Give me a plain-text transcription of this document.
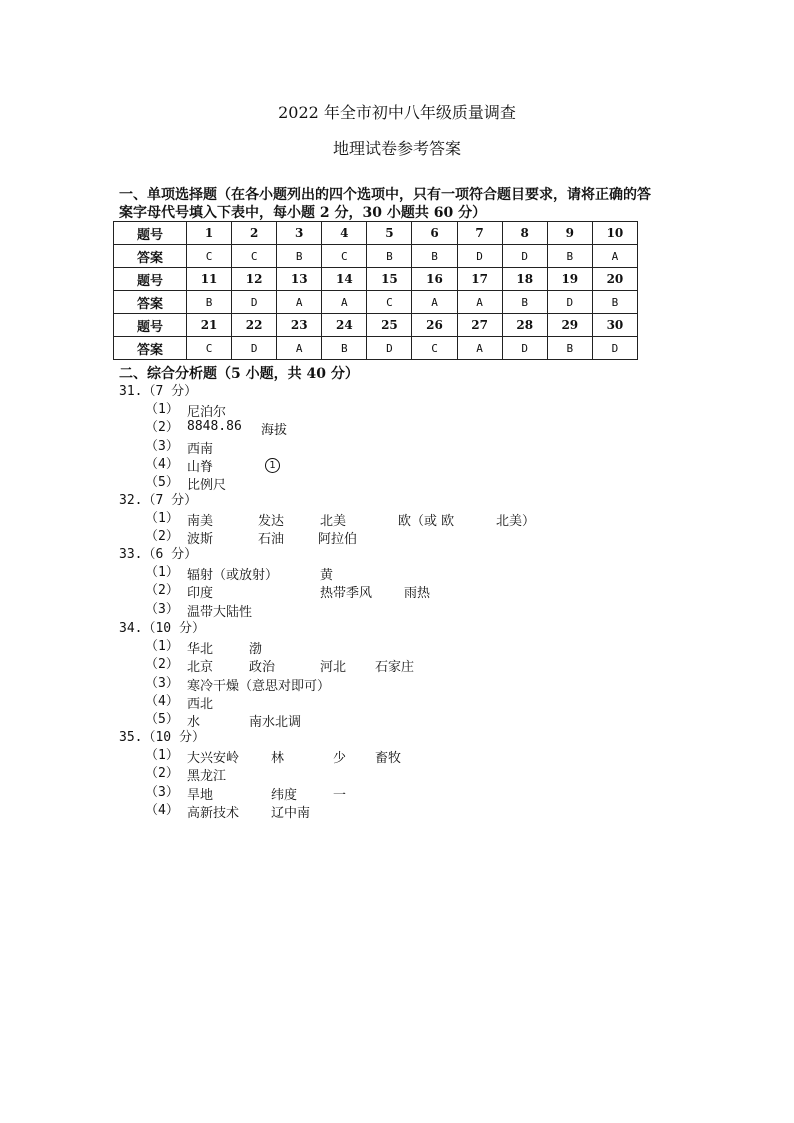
2022 年全市初中八年级质量调查
地理试卷参考答案
一、单项选择题（在各小题列出的四个选项中，只有一项符合题目要求，请将正确的答
案字母代号填入下表中，每小题 2 分，30 小题共 60 分）
题号	1	2	3	4	5	6	7	8	9	10
答案	C	C	B	C	B	B	D	D	B	A
题号	11	12	13	14	15	16	17	18	19	20
答案	B	D	A	A	C	A	A	B	D	B
题号	21	22	23	24	25	26	27	28	29	30
答案	C	D	A	B	D	C	A	D	B	D
二、综合分析题（5 小题，共 40 分）
31.（7 分）
（1） 尼泊尔
（2） 8848.86 海拔
（3） 西南
（4） 山脊	1
（5） 比例尺
32.（7 分）
（1） 南美	发达	北美	欧（或 欧	北美）
（2） 波斯	石油	阿拉伯
33.（6 分）
（1） 辐射（或放射）	黄
（2） 印度	热带季风 雨热
（3） 温带大陆性
34.（10 分）
（1） 华北	渤
（2） 北京	政治	河北 石家庄
（3） 寒冷干燥（意思对即可）
（4） 西北
（5） 水	南水北调
35.（10 分）
（1） 大兴安岭 林	少 畜牧
（2） 黑龙江
（3） 旱地	纬度	一
（4） 高新技术 辽中南
